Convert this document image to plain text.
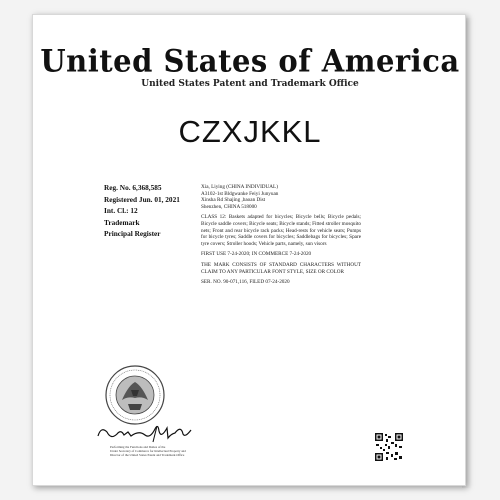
United States of America
United States Patent and Trademark Office
CZXJKKL
Reg. No. 6,368,585
Registered Jun. 01, 2021
Int. Cl.: 12
Trademark
Principal Register

Xia, Liying (CHINA INDIVIDUAL)
A3102-1st Bldgwanke Feiyi Junyuan
Xinsha Rd Shajing ,baoan Dist
Shenzhen, CHINA 518000

CLASS 12: Baskets adapted for bicycles; Bicycle bells; Bicycle pedals; Bicycle saddle covers; Bicycle seats; Bicycle stands; Fitted stroller mosquito nets; Front and rear bicycle rack packs; Head-rests for vehicle seats; Pumps for bicycle tyres; Saddle covers for bicycles; Saddlebags for bicycles; Spare tyre covers; Stroller hoods; Vehicle parts, namely, sun visors

FIRST USE 7-24-2020; IN COMMERCE 7-24-2020

THE MARK CONSISTS OF STANDARD CHARACTERS WITHOUT CLAIM TO ANY PARTICULAR FONT STYLE, SIZE OR COLOR

SER. NO. 90-071,116, FILED 07-24-2020

Performing the Functions and Duties of the
Under Secretary of Commerce for Intellectual Property and
Director of the United States Patent and Trademark Office
